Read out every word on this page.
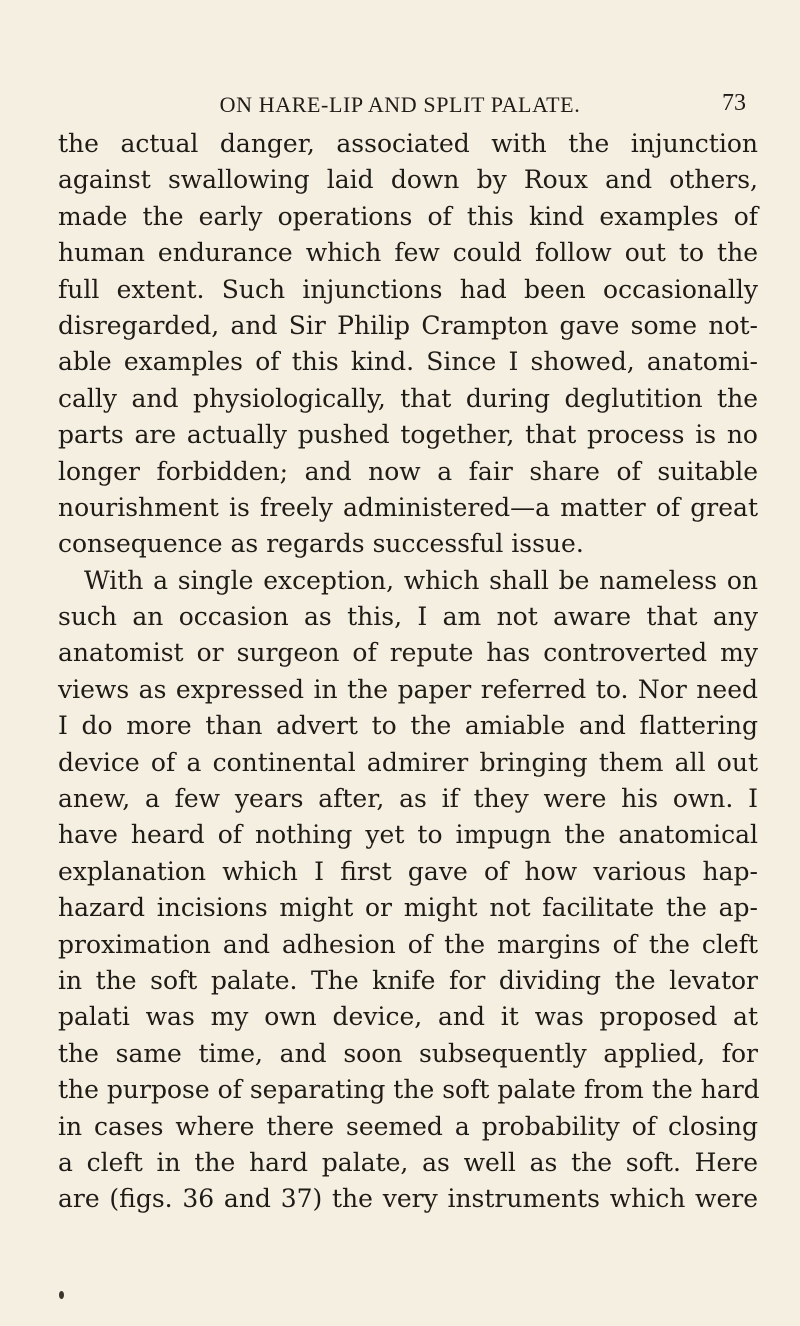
ON HARE-LIP AND SPLIT PALATE.	73
the actual danger, associated with the injunction
against swallowing laid down by Roux and others,
made the early operations of this kind examples of
human endurance which few could follow out to the
full extent. Such injunctions had been occasionally
disregarded, and Sir Philip Crampton gave some not-
able examples of this kind. Since I showed, anatomi-
cally and physiologically, that during deglutition the
parts are actually pushed together, that process is no
longer forbidden; and now a fair share of suitable
nourishment is freely administered—a matter of great
consequence as regards successful issue.
With a single exception, which shall be nameless on
such an occasion as this, I am not aware that any
anatomist or surgeon of repute has controverted my
views as expressed in the paper referred to. Nor need
I do more than advert to the amiable and flattering
device of a continental admirer bringing them all out
anew, a few years after, as if they were his own. I
have heard of nothing yet to impugn the anatomical
explanation which I first gave of how various hap-
hazard incisions might or might not facilitate the ap-
proximation and adhesion of the margins of the cleft
in the soft palate. The knife for dividing the levator
palati was my own device, and it was proposed at
the same time, and soon subsequently applied, for
the purpose of separating the soft palate from the hard
in cases where there seemed a probability of closing
a cleft in the hard palate, as well as the soft. Here
are (figs. 36 and 37) the very instruments which were
